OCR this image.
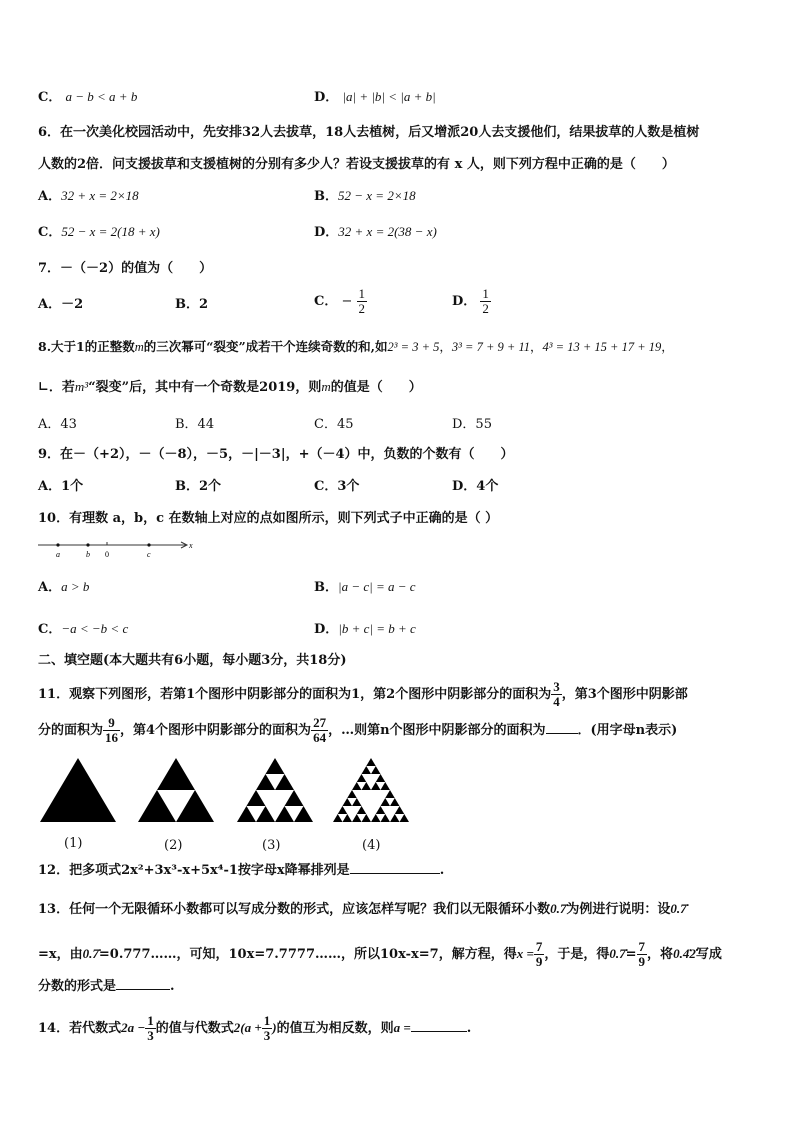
C． a − b < a + b	D． |a| + |b| < |a + b|
6．在一次美化校园活动中，先安排32人去拔草，18人去植树，后又增派20人去支援他们，结果拔草的人数是植树
人数的2倍．问支援拔草和支援植树的分别有多少人？若设支援拔草的有 x 人，则下列方程中正确的是（　　）
A．32 + x = 2×18	B．52 − x = 2×18
C．52 − x = 2(18 + x)	D．32 + x = 2(38 − x)
7．－（－2）的值为（　　）
A．－2	B．2	C． − $\frac{1}{2}$	D． $\frac{1}{2}$
8.大于1的正整数m的三次幂可“裂变”成若干个连续奇数的和,如2³ = 3 + 5，3³ = 7 + 9 + 11，4³ = 13 + 15 + 17 + 19，
∟．若m³“裂变”后，其中有一个奇数是2019，则m的值是（　　）
A．43	B．44	C．45	D．55
9．在－（+2），－（－8），－5，－|－3|，+（－4）中，负数的个数有（　　）
A．1个	B．2个	C．3个	D．4个
10．有理数 a，b，c 在数轴上对应的点如图所示，则下列式子中正确的是（ ）
a	b 0	c
x
A．a > b	B．|a − c| = a − c
C．−a < −b < c	D．|b + c| = b + c
二、填空题(本大题共有6小题，每小题3分，共18分)
11．观察下列图形，若第1个图形中阴影部分的面积为1，第2个图形中阴影部分的面积为 $\frac{3}{4}$ ，第3个图形中阴影部
分的面积为 $\frac{9}{16}$ ，第4个图形中阴影部分的面积为 $\frac{27}{64}$ ，…则第n个图形中阴影部分的面积为 ．(用字母n表示)
(1)	(2)	(3)	(4)
12．把多项式2x²+3x³-x+5x⁴-1按字母x降幂排列是	.
13．任何一个无限循环小数都可以写成分数的形式，应该怎样写呢？我们以无限循环小数0.7̇为例进行说明：设0.7̇
=x，由0.7̇=0.777……，可知，10x=7.7777……，所以10x-x=7，解方程，得$x = \frac{7}{9}$ ，于是，得0.7̇= $\frac{7}{9}$ ，将0.4̇2̇写成
分数的形式是	.
14．若代数式$2a - \frac{1}{3}$ 的值与代数式$2(a + \frac{1}{3}$ )的值互为相反数，则a =	.
